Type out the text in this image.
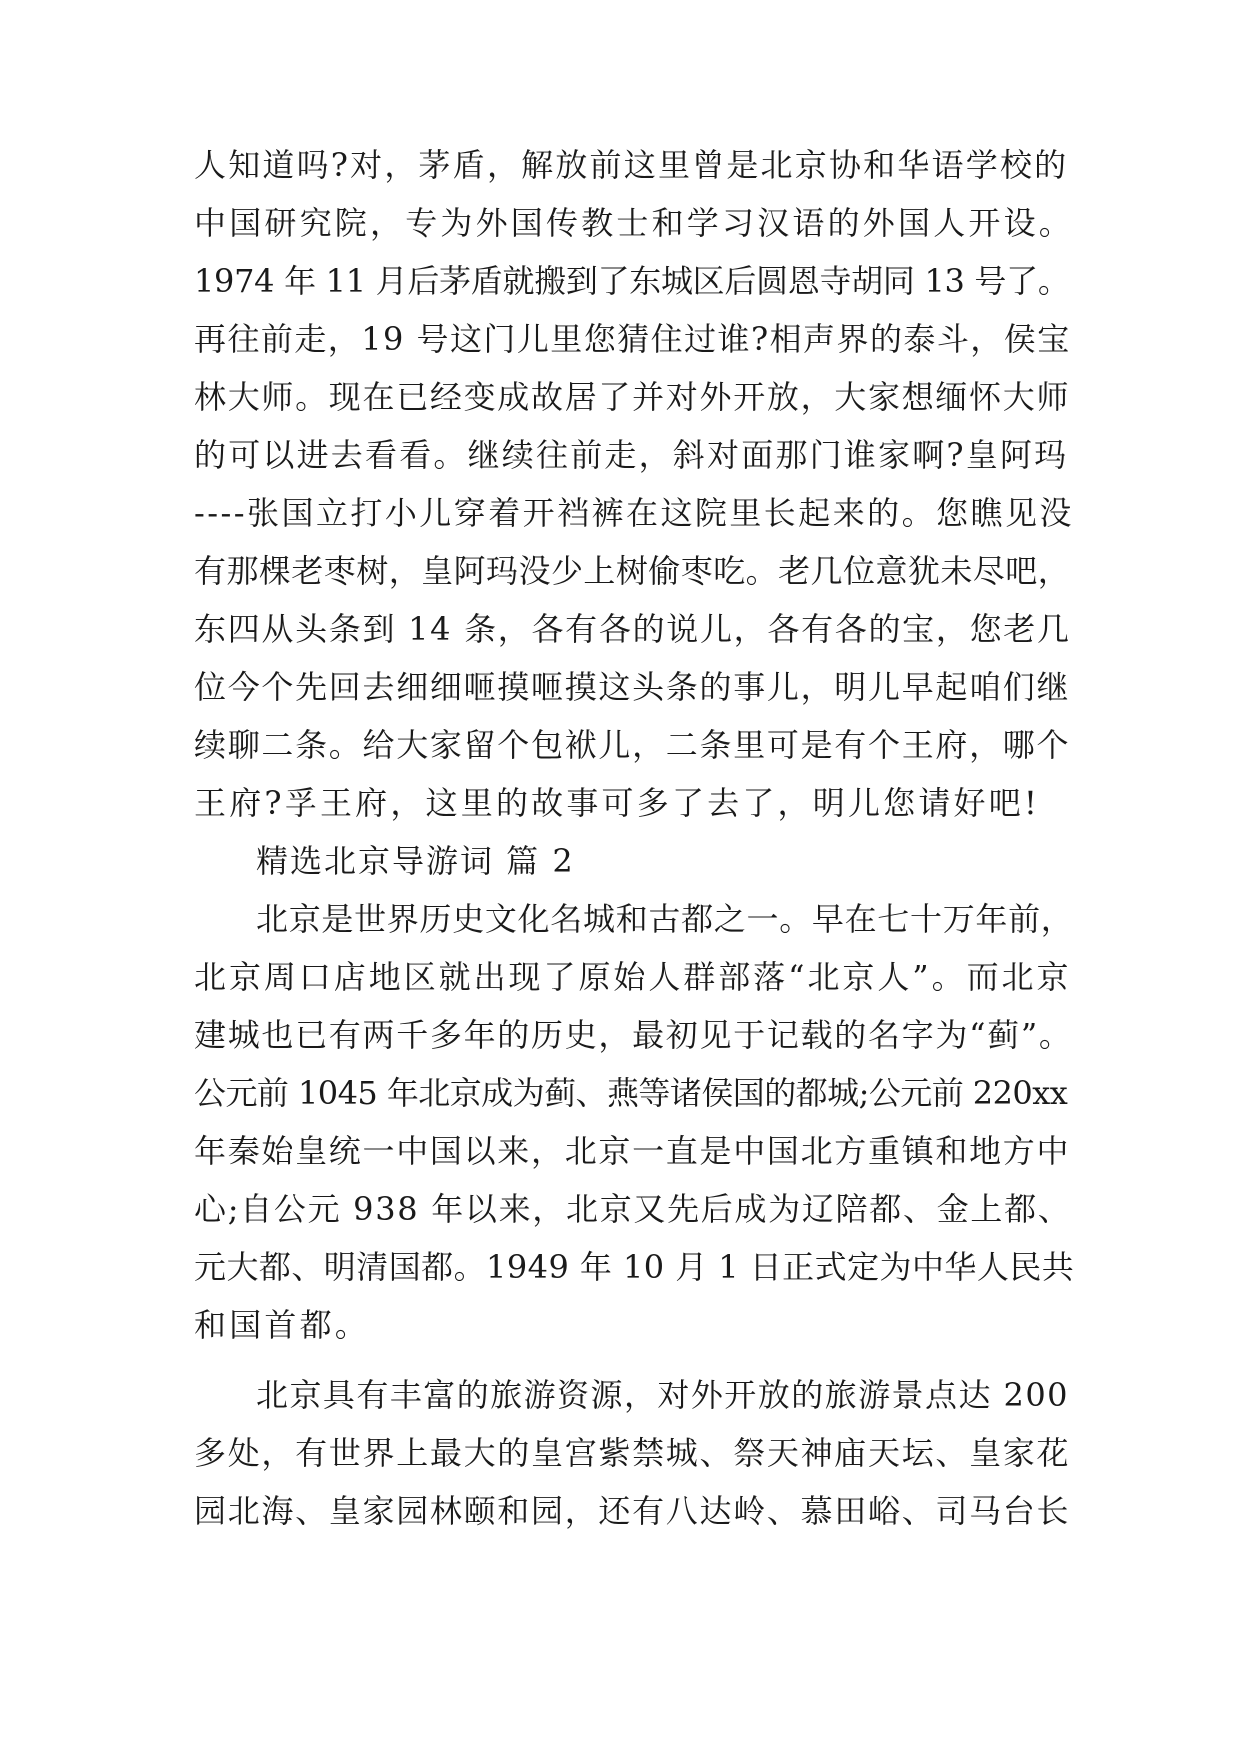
人知道吗?对，茅盾，解放前这里曾是北京协和华语学校的
中国研究院，专为外国传教士和学习汉语的外国人开设。
1974 年 11 月后茅盾就搬到了东城区后圆恩寺胡同 13 号了。
再往前走，19 号这门儿里您猜住过谁?相声界的泰斗，侯宝
林大师。现在已经变成故居了并对外开放，大家想缅怀大师
的可以进去看看。继续往前走，斜对面那门谁家啊?皇阿玛
----张国立打小儿穿着开裆裤在这院里长起来的。您瞧见没
有那棵老枣树，皇阿玛没少上树偷枣吃。老几位意犹未尽吧，
东四从头条到 14 条，各有各的说儿，各有各的宝，您老几
位今个先回去细细咂摸咂摸这头条的事儿，明儿早起咱们继
续聊二条。给大家留个包袱儿，二条里可是有个王府，哪个
王府?孚王府，这里的故事可多了去了，明儿您请好吧!
精选北京导游词 篇 2
北京是世界历史文化名城和古都之一。早在七十万年前，
北京周口店地区就出现了原始人群部落“北京人”。而北京
建城也已有两千多年的历史，最初见于记载的名字为“蓟”。
公元前 1045 年北京成为蓟、燕等诸侯国的都城;公元前 220xx
年秦始皇统一中国以来，北京一直是中国北方重镇和地方中
心;自公元 938 年以来，北京又先后成为辽陪都、金上都、
元大都、明清国都。1949 年 10 月 1 日正式定为中华人民共
和国首都。
北京具有丰富的旅游资源，对外开放的旅游景点达 200
多处，有世界上最大的皇宫紫禁城、祭天神庙天坛、皇家花
园北海、皇家园林颐和园，还有八达岭、慕田峪、司马台长
